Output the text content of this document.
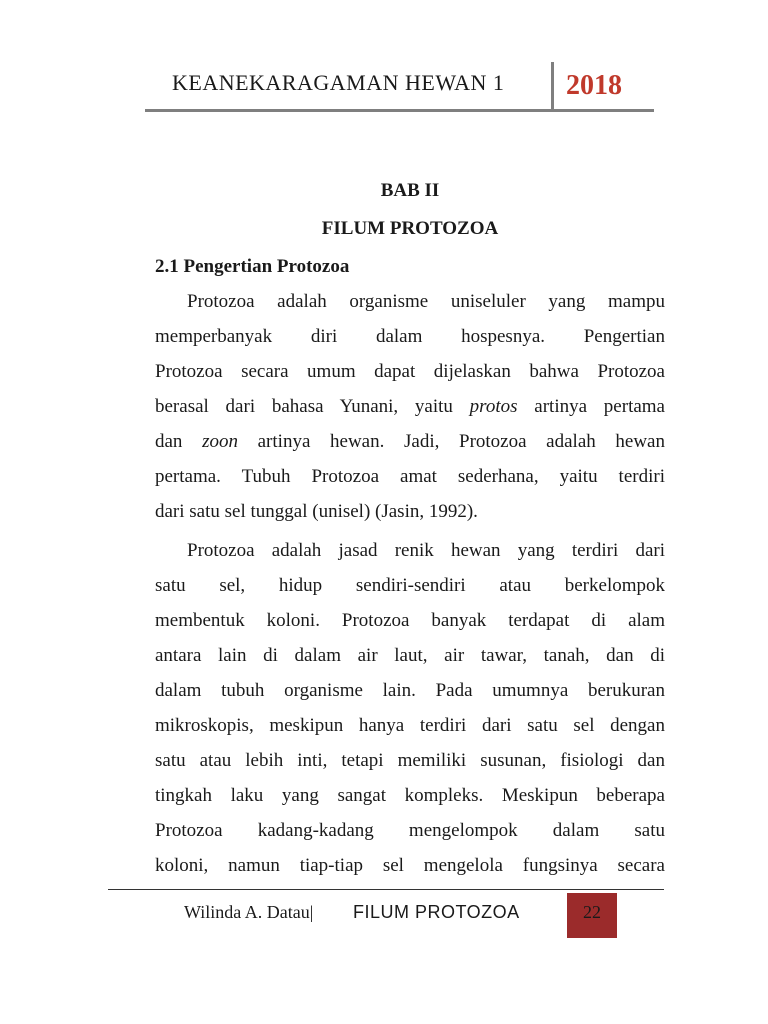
KEANEKARAGAMAN HEWAN 1 2018
BAB II
FILUM PROTOZOA
2.1 Pengertian Protozoa
Protozoa adalah organisme uniseluler yang mampu
memperbanyak diri dalam hospesnya. Pengertian
Protozoa secara umum dapat dijelaskan bahwa Protozoa
berasal dari bahasa Yunani, yaitu protos artinya pertama
dan zoon artinya hewan. Jadi, Protozoa adalah hewan
pertama. Tubuh Protozoa amat sederhana, yaitu terdiri
dari satu sel tunggal (unisel) (Jasin, 1992).
Protozoa adalah jasad renik hewan yang terdiri dari
satu sel, hidup sendiri-sendiri atau berkelompok
membentuk koloni. Protozoa banyak terdapat di alam
antara lain di dalam air laut, air tawar, tanah, dan di
dalam tubuh organisme lain. Pada umumnya berukuran
mikroskopis, meskipun hanya terdiri dari satu sel dengan
satu atau lebih inti, tetapi memiliki susunan, fisiologi dan
tingkah laku yang sangat kompleks. Meskipun beberapa
Protozoa kadang-kadang mengelompok dalam satu
koloni, namun tiap-tiap sel mengelola fungsinya secara
Wilinda A. Datau| FILUM PROTOZOA	22
